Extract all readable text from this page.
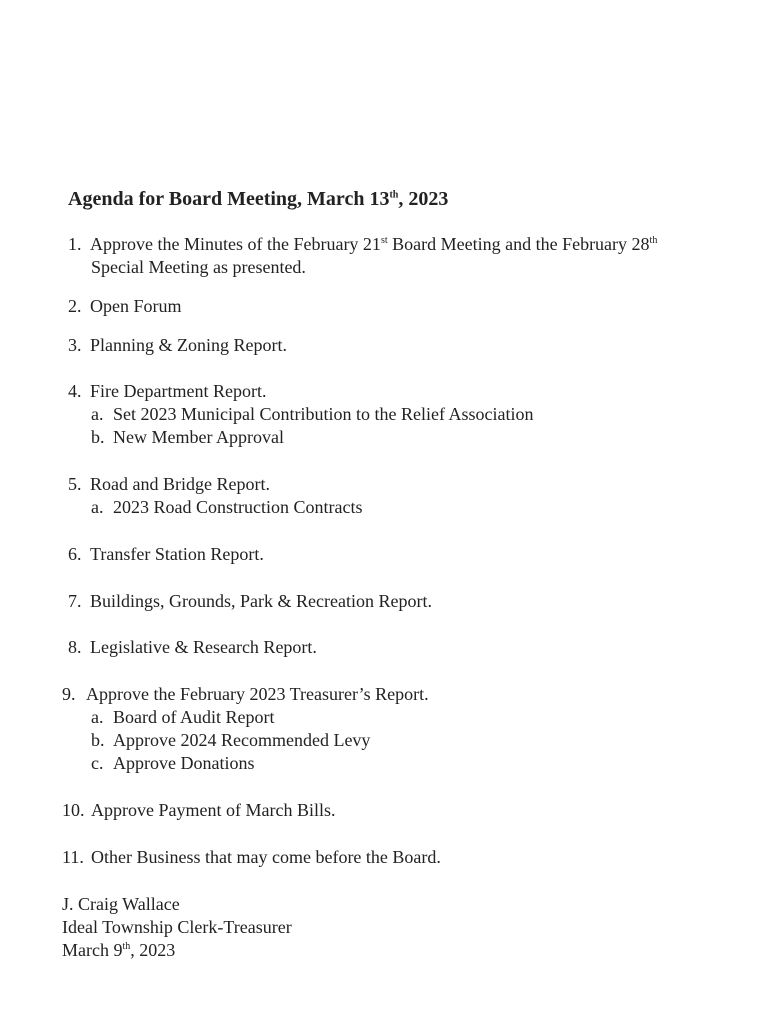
Agenda for Board Meeting, March 13th, 2023
1. Approve the Minutes of the February 21st Board Meeting and the February 28th
Special Meeting as presented.
2. Open Forum
3. Planning & Zoning Report.
4. Fire Department Report.
a. Set 2023 Municipal Contribution to the Relief Association
b. New Member Approval
5. Road and Bridge Report.
a. 2023 Road Construction Contracts
6. Transfer Station Report.
7. Buildings, Grounds, Park & Recreation Report.
8. Legislative & Research Report.
9. Approve the February 2023 Treasurer’s Report.
a. Board of Audit Report
b. Approve 2024 Recommended Levy
c. Approve Donations
10. Approve Payment of March Bills.
11. Other Business that may come before the Board.
J. Craig Wallace
Ideal Township Clerk-Treasurer
March 9th, 2023
